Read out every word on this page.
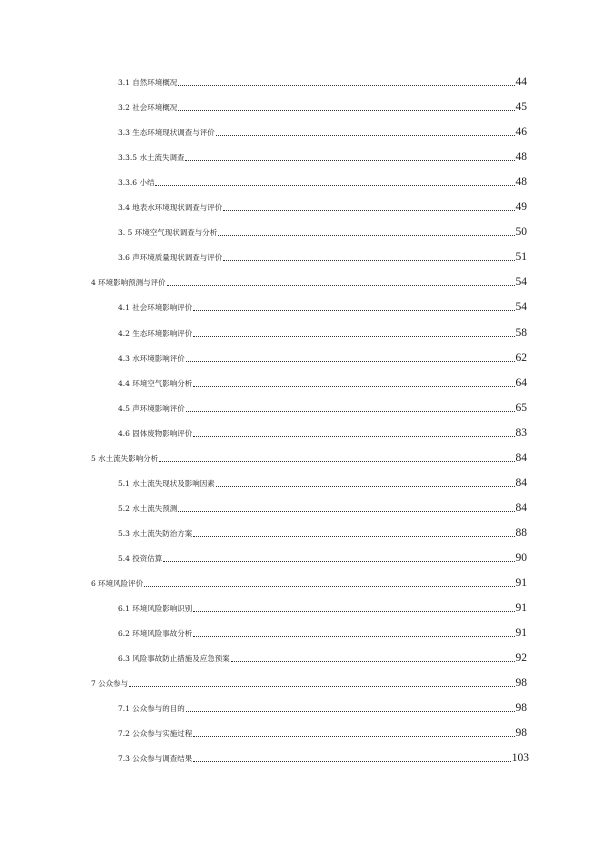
3.1 自然环境概况	44
3.2 社会环境概况	45
3.3 生态环境现状调查与评价	46
3.3.5 水土流失调查	48
3.3.6 小结	48
3.4 地表水环境现状调查与评价	49
3. 5 环境空气现状调查与分析	50
3.6 声环境质量现状调查与评价	51
4 环境影响预测与评价	54
4.1 社会环境影响评价	54
4.2 生态环境影响评价	58
4.3 水环境影响评价	62
4.4 环境空气影响分析	64
4.5 声环境影响评价	65
4.6 固体废物影响评价	83
5 水土流失影响分析	84
5.1 水土流失现状及影响因素	84
5.2 水土流失预测	84
5.3 水土流失防治方案	88
5.4 投资估算	90
6 环境风险评价	91
6.1 环境风险影响识别	91
6.2 环境风险事故分析	91
6.3 风险事故防止措施及应急预案	92
7 公众参与	98
7.1 公众参与的目的	98
7.2 公众参与实施过程	98
7.3 公众参与调查结果	103
